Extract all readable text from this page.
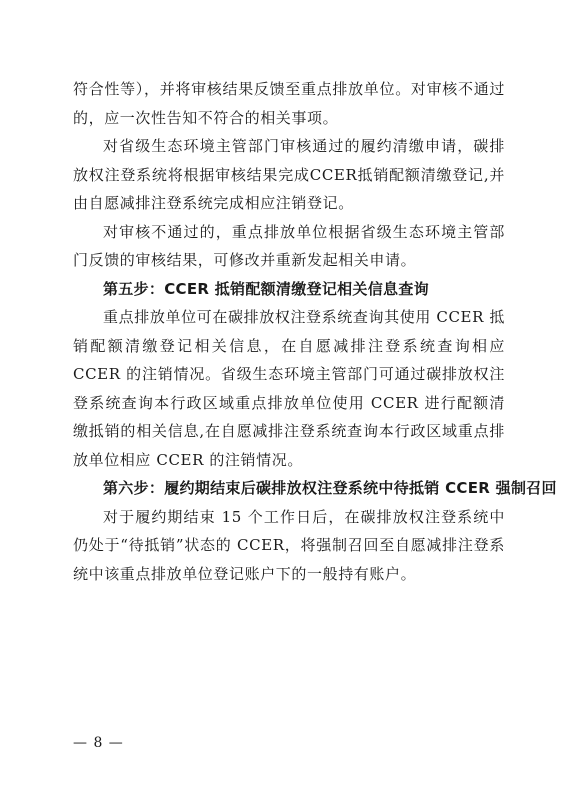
符合性等），并将审核结果反馈至重点排放单位。对审核不通过的，应一次性告知不符合的相关事项。

对省级生态环境主管部门审核通过的履约清缴申请，碳排放权注登系统将根据审核结果完成CCER抵销配额清缴登记,并由自愿减排注登系统完成相应注销登记。

对审核不通过的，重点排放单位根据省级生态环境主管部门反馈的审核结果，可修改并重新发起相关申请。

第五步：CCER 抵销配额清缴登记相关信息查询

重点排放单位可在碳排放权注登系统查询其使用 CCER 抵销配额清缴登记相关信息，在自愿减排注登系统查询相应 CCER 的注销情况。省级生态环境主管部门可通过碳排放权注登系统查询本行政区域重点排放单位使用 CCER 进行配额清缴抵销的相关信息,在自愿减排注登系统查询本行政区域重点排放单位相应 CCER 的注销情况。

第六步：履约期结束后碳排放权注登系统中待抵销 CCER 强制召回

对于履约期结束 15 个工作日后，在碳排放权注登系统中仍处于“待抵销”状态的 CCER，将强制召回至自愿减排注登系统中该重点排放单位登记账户下的一般持有账户。

— 8 —
